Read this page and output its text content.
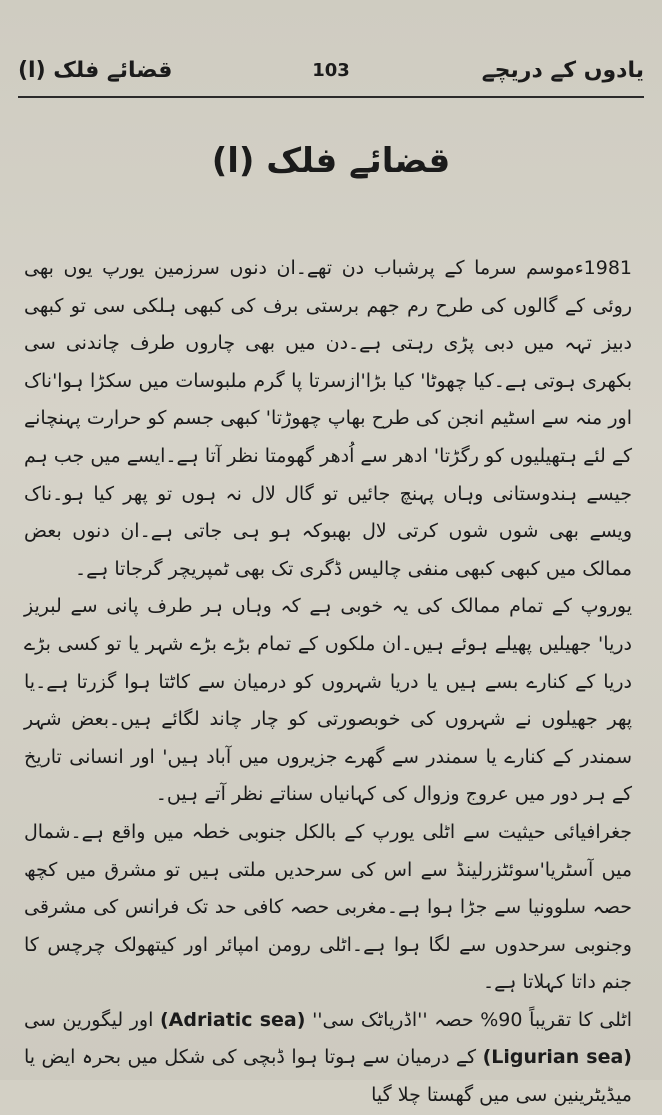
یادوں کے دریچے
103
قضائے فلک (ا)
قضائے فلک (ا)

1981ءموسم سرما کے پرشباب دن تھے۔ان دنوں سرزمین یورپ یوں بھی روئی کے گالوں کی طرح رم جھم برستی برف کی کبھی ہلکی سی تو کبھی دبیز تہہ میں دبی پڑی رہتی ہے۔دن میں بھی چاروں طرف چاندنی سی بکھری ہوتی ہے۔کیا چھوٹا' کیا بڑا'ازسرتا پا گرم ملبوسات میں سکڑا ہوا'ناک اور منہ سے اسٹیم انجن کی طرح بھاپ چھوڑتا' کبھی جسم کو حرارت پہنچانے کے لئے ہتھیلیوں کو رگڑتا' ادھر سے اُدھر گھومتا نظر آتا ہے۔ایسے میں جب ہم جیسے ہندوستانی وہاں پہنچ جائیں تو گال لال نہ ہوں تو پھر کیا ہو۔ناک ویسے بھی شوں شوں کرتی لال بھبوکہ ہو ہی جاتی ہے۔ان دنوں بعض ممالک میں کبھی کبھی منفی چالیس ڈگری تک بھی ٹمپریچر گرجاتا ہے۔

یوروپ کے تمام ممالک کی یہ خوبی ہے کہ وہاں ہر طرف پانی سے لبریز دریا' جھیلیں پھیلے ہوئے ہیں۔ان ملکوں کے تمام بڑے بڑے شہر یا تو کسی بڑے دریا کے کنارے بسے ہیں یا دریا شہروں کو درمیان سے کاٹتا ہوا گزرتا ہے۔یا پھر جھیلوں نے شہروں کی خوبصورتی کو چار چاند لگائے ہیں۔بعض شہر سمندر کے کنارے یا سمندر سے گھرے جزیروں میں آباد ہیں' اور انسانی تاریخ کے ہر دور میں عروج وزوال کی کہانیاں سناتے نظر آتے ہیں۔

جغرافیائی حیثیت سے اٹلی یورپ کے بالکل جنوبی خطہ میں واقع ہے۔شمال میں آسٹریا'سوئٹزرلینڈ سے اس کی سرحدیں ملتی ہیں تو مشرق میں کچھ حصہ سلوونیا سے جڑا ہوا ہے۔مغربی حصہ کافی حد تک فرانس کی مشرقی وجنوبی سرحدوں سے لگا ہوا ہے۔اٹلی رومن امپائر اور کیتھولک چرچس کا جنم داتا کہلاتا ہے۔

اٹلی کا تقریباً 90% حصہ ''اڈریاٹک سی'' (Adriatic sea) اور لیگورین سی (Ligurian sea) کے درمیان سے ہوتا ہوا ڈبچی کی شکل میں بحرہ ایض یا میڈیٹرینین سی میں گھستا چلا گیا
